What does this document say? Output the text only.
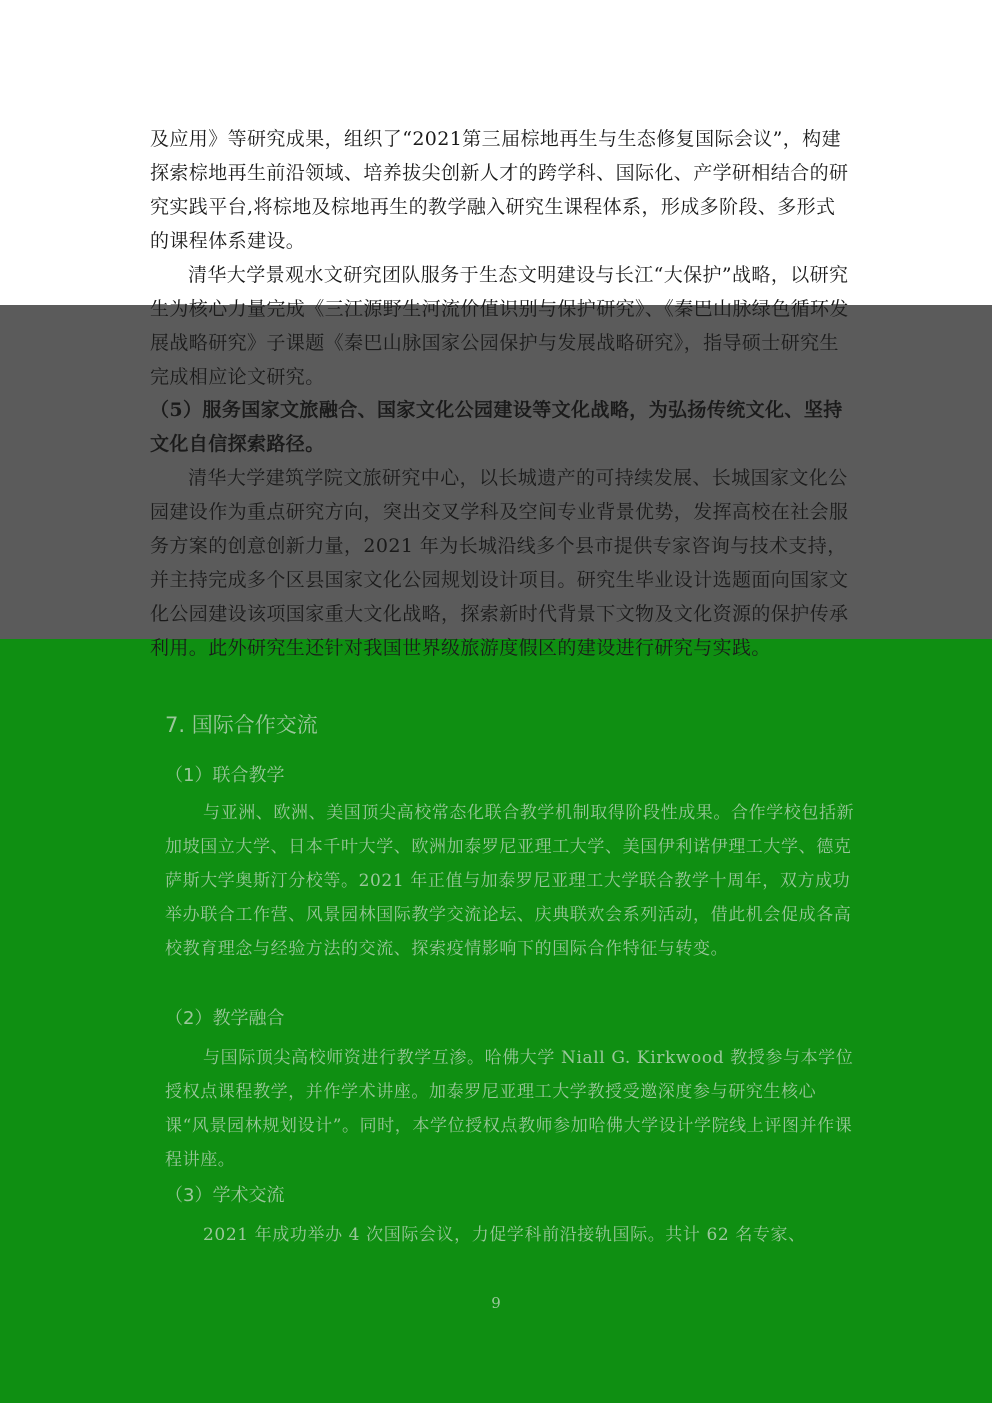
及应用》等研究成果，组织了“2021第三届棕地再生与生态修复国际会议”，构建探索棕地再生前沿领域、培养拔尖创新人才的跨学科、国际化、产学研相结合的研究实践平台,将棕地及棕地再生的教学融入研究生课程体系，形成多阶段、多形式的课程体系建设。

清华大学景观水文研究团队服务于生态文明建设与长江“大保护”战略，以研究生为核心力量完成《三江源野生河流价值识别与保护研究》、《秦巴山脉绿色循环发展战略研究》子课题《秦巴山脉国家公园保护与发展战略研究》，指导硕士研究生完成相应论文研究。

（5）服务国家文旅融合、国家文化公园建设等文化战略，为弘扬传统文化、坚持文化自信探索路径。

清华大学建筑学院文旅研究中心，以长城遗产的可持续发展、长城国家文化公园建设作为重点研究方向，突出交叉学科及空间专业背景优势，发挥高校在社会服务方案的创意创新力量，2021 年为长城沿线多个县市提供专家咨询与技术支持，并主持完成多个区县国家文化公园规划设计项目。研究生毕业设计选题面向国家文化公园建设该项国家重大文化战略，探索新时代背景下文物及文化资源的保护传承利用。此外研究生还针对我国世界级旅游度假区的建设进行研究与实践。

7. 国际合作交流
（1）联合教学

与亚洲、欧洲、美国顶尖高校常态化联合教学机制取得阶段性成果。合作学校包括新加坡国立大学、日本千叶大学、欧洲加泰罗尼亚理工大学、美国伊利诺伊理工大学、德克萨斯大学奥斯汀分校等。2021 年正值与加泰罗尼亚理工大学联合教学十周年，双方成功举办联合工作营、风景园林国际教学交流论坛、庆典联欢会系列活动，借此机会促成各高校教育理念与经验方法的交流、探索疫情影响下的国际合作特征与转变。

（2）教学融合

与国际顶尖高校师资进行教学互渗。哈佛大学 Niall G. Kirkwood 教授参与本学位授权点课程教学，并作学术讲座。加泰罗尼亚理工大学教授受邀深度参与研究生核心课“风景园林规划设计”。同时，本学位授权点教师参加哈佛大学设计学院线上评图并作课程讲座。

（3）学术交流

2021 年成功举办 4 次国际会议，力促学科前沿接轨国际。共计 62 名专家、

9
